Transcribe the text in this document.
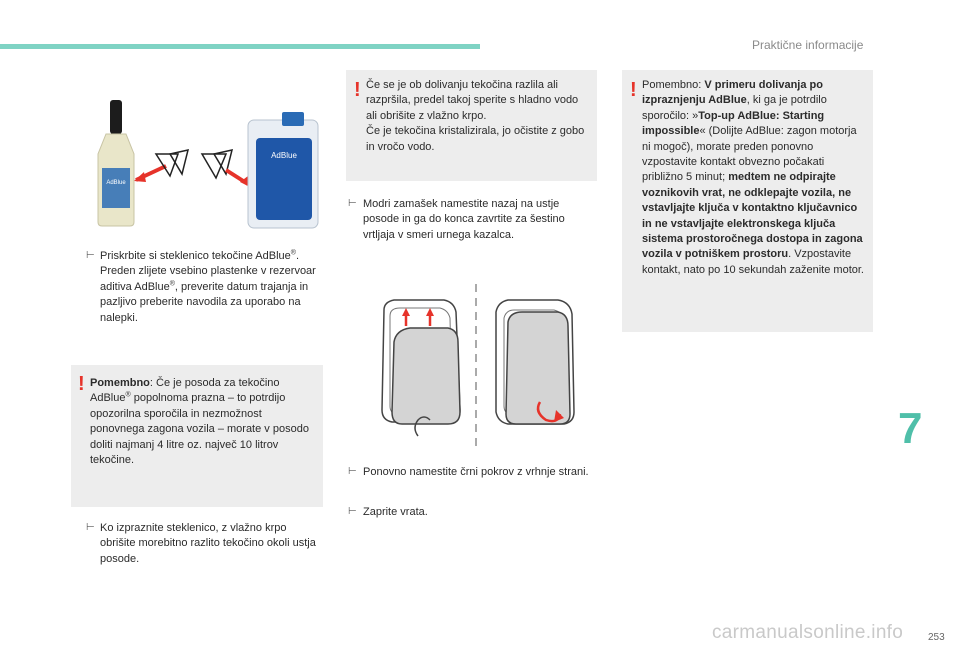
Praktične informacije
AdBlue
AdBlue
⊢ Priskrbite si steklenico tekočine AdBlue®. Preden zlijete vsebino plastenke v rezervoar aditiva AdBlue®, preverite datum trajanja in pazljivo preberite navodila za uporabo na nalepki.
! Pomembno: Če je posoda za tekočino AdBlue® popolnoma prazna – to potrdijo opozorilna sporočila in nezmožnost ponovnega zagona vozila – morate v posodo doliti najmanj 4 litre oz. največ 10 litrov tekočine.
⊢ Ko izpraznite steklenico, z vlažno krpo obrišite morebitno razlito tekočino okoli ustja posode.
! Če se je ob dolivanju tekočina razlila ali razpršila, predel takoj sperite s hladno vodo ali obrišite z vlažno krpo.
Če je tekočina kristalizirala, jo očistite z gobo in vročo vodo.
⊢ Modri zamašek namestite nazaj na ustje posode in ga do konca zavrtite za šestino vrtljaja v smeri urnega kazalca.
⊢ Ponovno namestite črni pokrov z vrhnje strani.
⊢ Zaprite vrata.
! Pomembno: V primeru dolivanja po izpraznjenju AdBlue, ki ga je potrdilo sporočilo: »Top-up AdBlue: Starting impossible« (Dolijte AdBlue: zagon motorja ni mogoč), morate preden ponovno vzpostavite kontakt obvezno počakati približno 5 minut; medtem ne odpirajte voznikovih vrat, ne odklepajte vozila, ne vstavljajte ključa v kontaktno ključavnico in ne vstavljajte elektronskega ključa sistema prostoročnega dostopa in zagona vozila v potniškem prostoru. Vzpostavite kontakt, nato po 10 sekundah zaženite motor.
7
carmanualsonline.info 253
